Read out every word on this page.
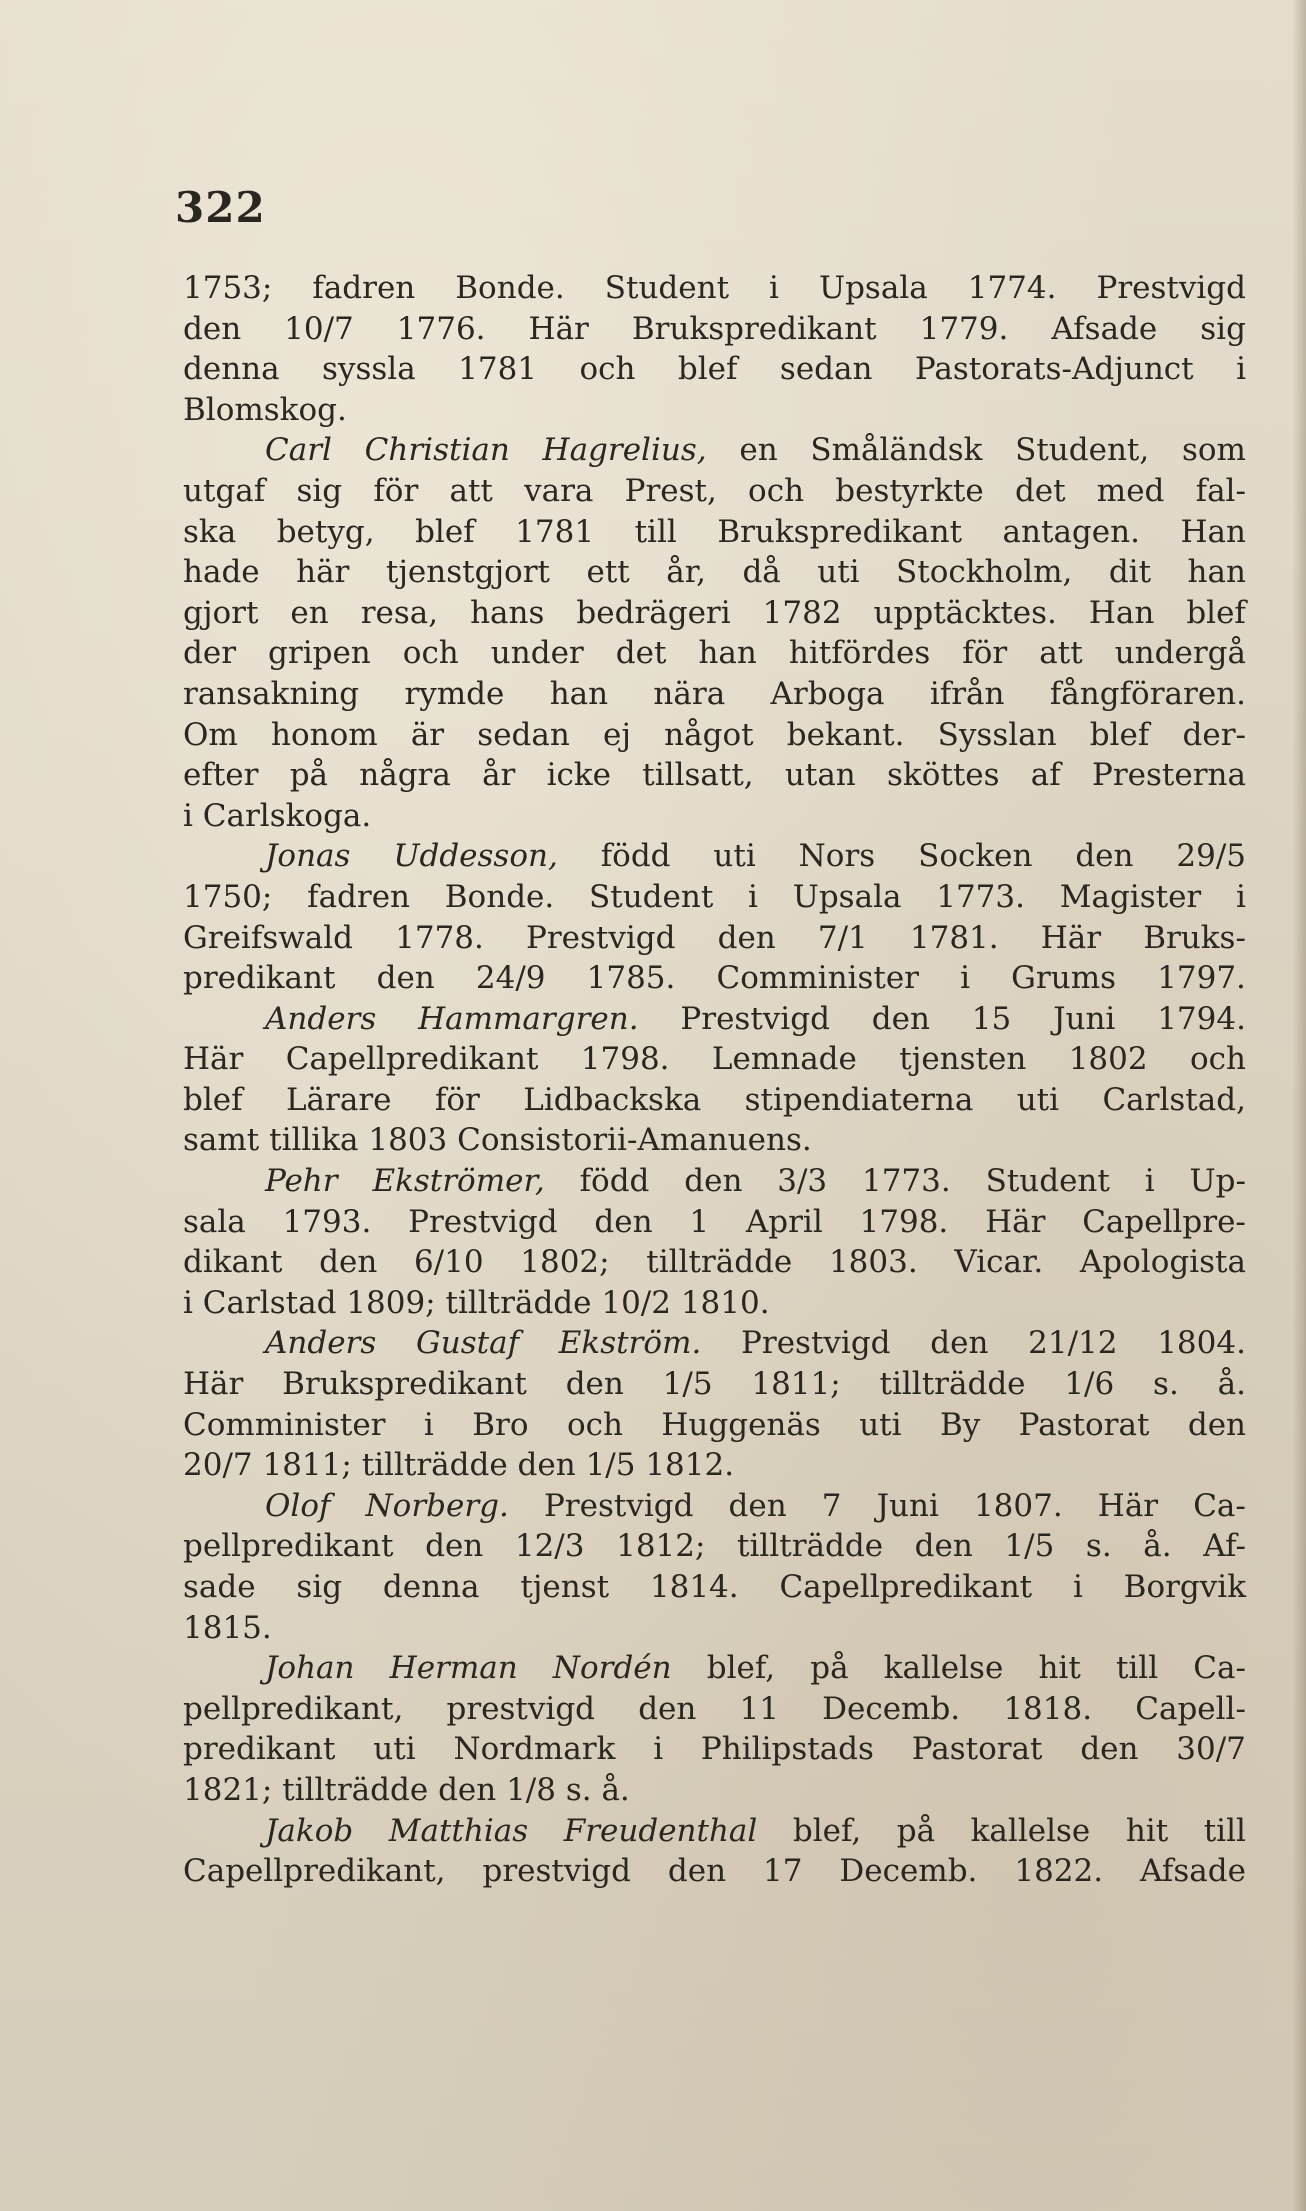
322
1753; fadren Bonde. Student i Upsala 1774. Prestvigd
den 10/7 1776. Här Brukspredikant 1779. Afsade sig
denna syssla 1781 och blef sedan Pastorats-Adjunct i
Blomskog.
Carl Christian Hagrelius, en Småländsk Student, som
utgaf sig för att vara Prest, och bestyrkte det med fal-
ska betyg, blef 1781 till Brukspredikant antagen. Han
hade här tjenstgjort ett år, då uti Stockholm, dit han
gjort en resa, hans bedrägeri 1782 upptäcktes. Han blef
der gripen och under det han hitfördes för att undergå
ransakning rymde han nära Arboga ifrån fångföraren.
Om honom är sedan ej något bekant. Sysslan blef der-
efter på några år icke tillsatt, utan sköttes af Presterna
i
Carlskoga.
Jonas Uddesson, född uti Nors Socken den 29/5
1750; fadren Bonde. Student i Upsala 1773. Magister i
Greifswald 1778. Prestvigd den 7/1 1781. Här Bruks-
predikant den 24/9 1785. Comminister i Grums 1797.
Anders Hammargren. Prestvigd den 15 Juni 1794.
Här Capellpredikant 1798. Lemnade tjensten 1802 och
blef Lärare för Lidbackska stipendiaterna uti Carlstad,
samt
tillika
1803
Consistorii-Amanuens.
Pehr Ekströmer, född den 3/3 1773. Student i Up-
sala 1793. Prestvigd den 1 April 1798. Här Capellpre-
dikant den 6/10 1802; tillträdde 1803. Vicar. Apologista
i
Carlstad
1809;
tillträdde
10/2
1810.
Anders Gustaf Ekström. Prestvigd den 21/12 1804.
Här Brukspredikant den 1/5 1811; tillträdde 1/6 s. å.
Comminister i Bro och Huggenäs uti By Pastorat den
20/7
1811;
tillträdde
den
1/5
1812.
Olof Norberg. Prestvigd den 7 Juni 1807. Här Ca-
pellpredikant den 12/3 1812; tillträdde den 1/5 s. å. Af-
sade sig denna tjenst 1814. Capellpredikant i Borgvik
1815.
Johan Herman Nordén blef, på kallelse hit till Ca-
pellpredikant, prestvigd den 11 Decemb. 1818. Capell-
predikant uti Nordmark i Philipstads Pastorat den 30/7
1821;
tillträdde
den
1/8
s.
å.
Jakob Matthias Freudenthal blef, på kallelse hit till
Capellpredikant, prestvigd den 17 Decemb. 1822. Afsade
